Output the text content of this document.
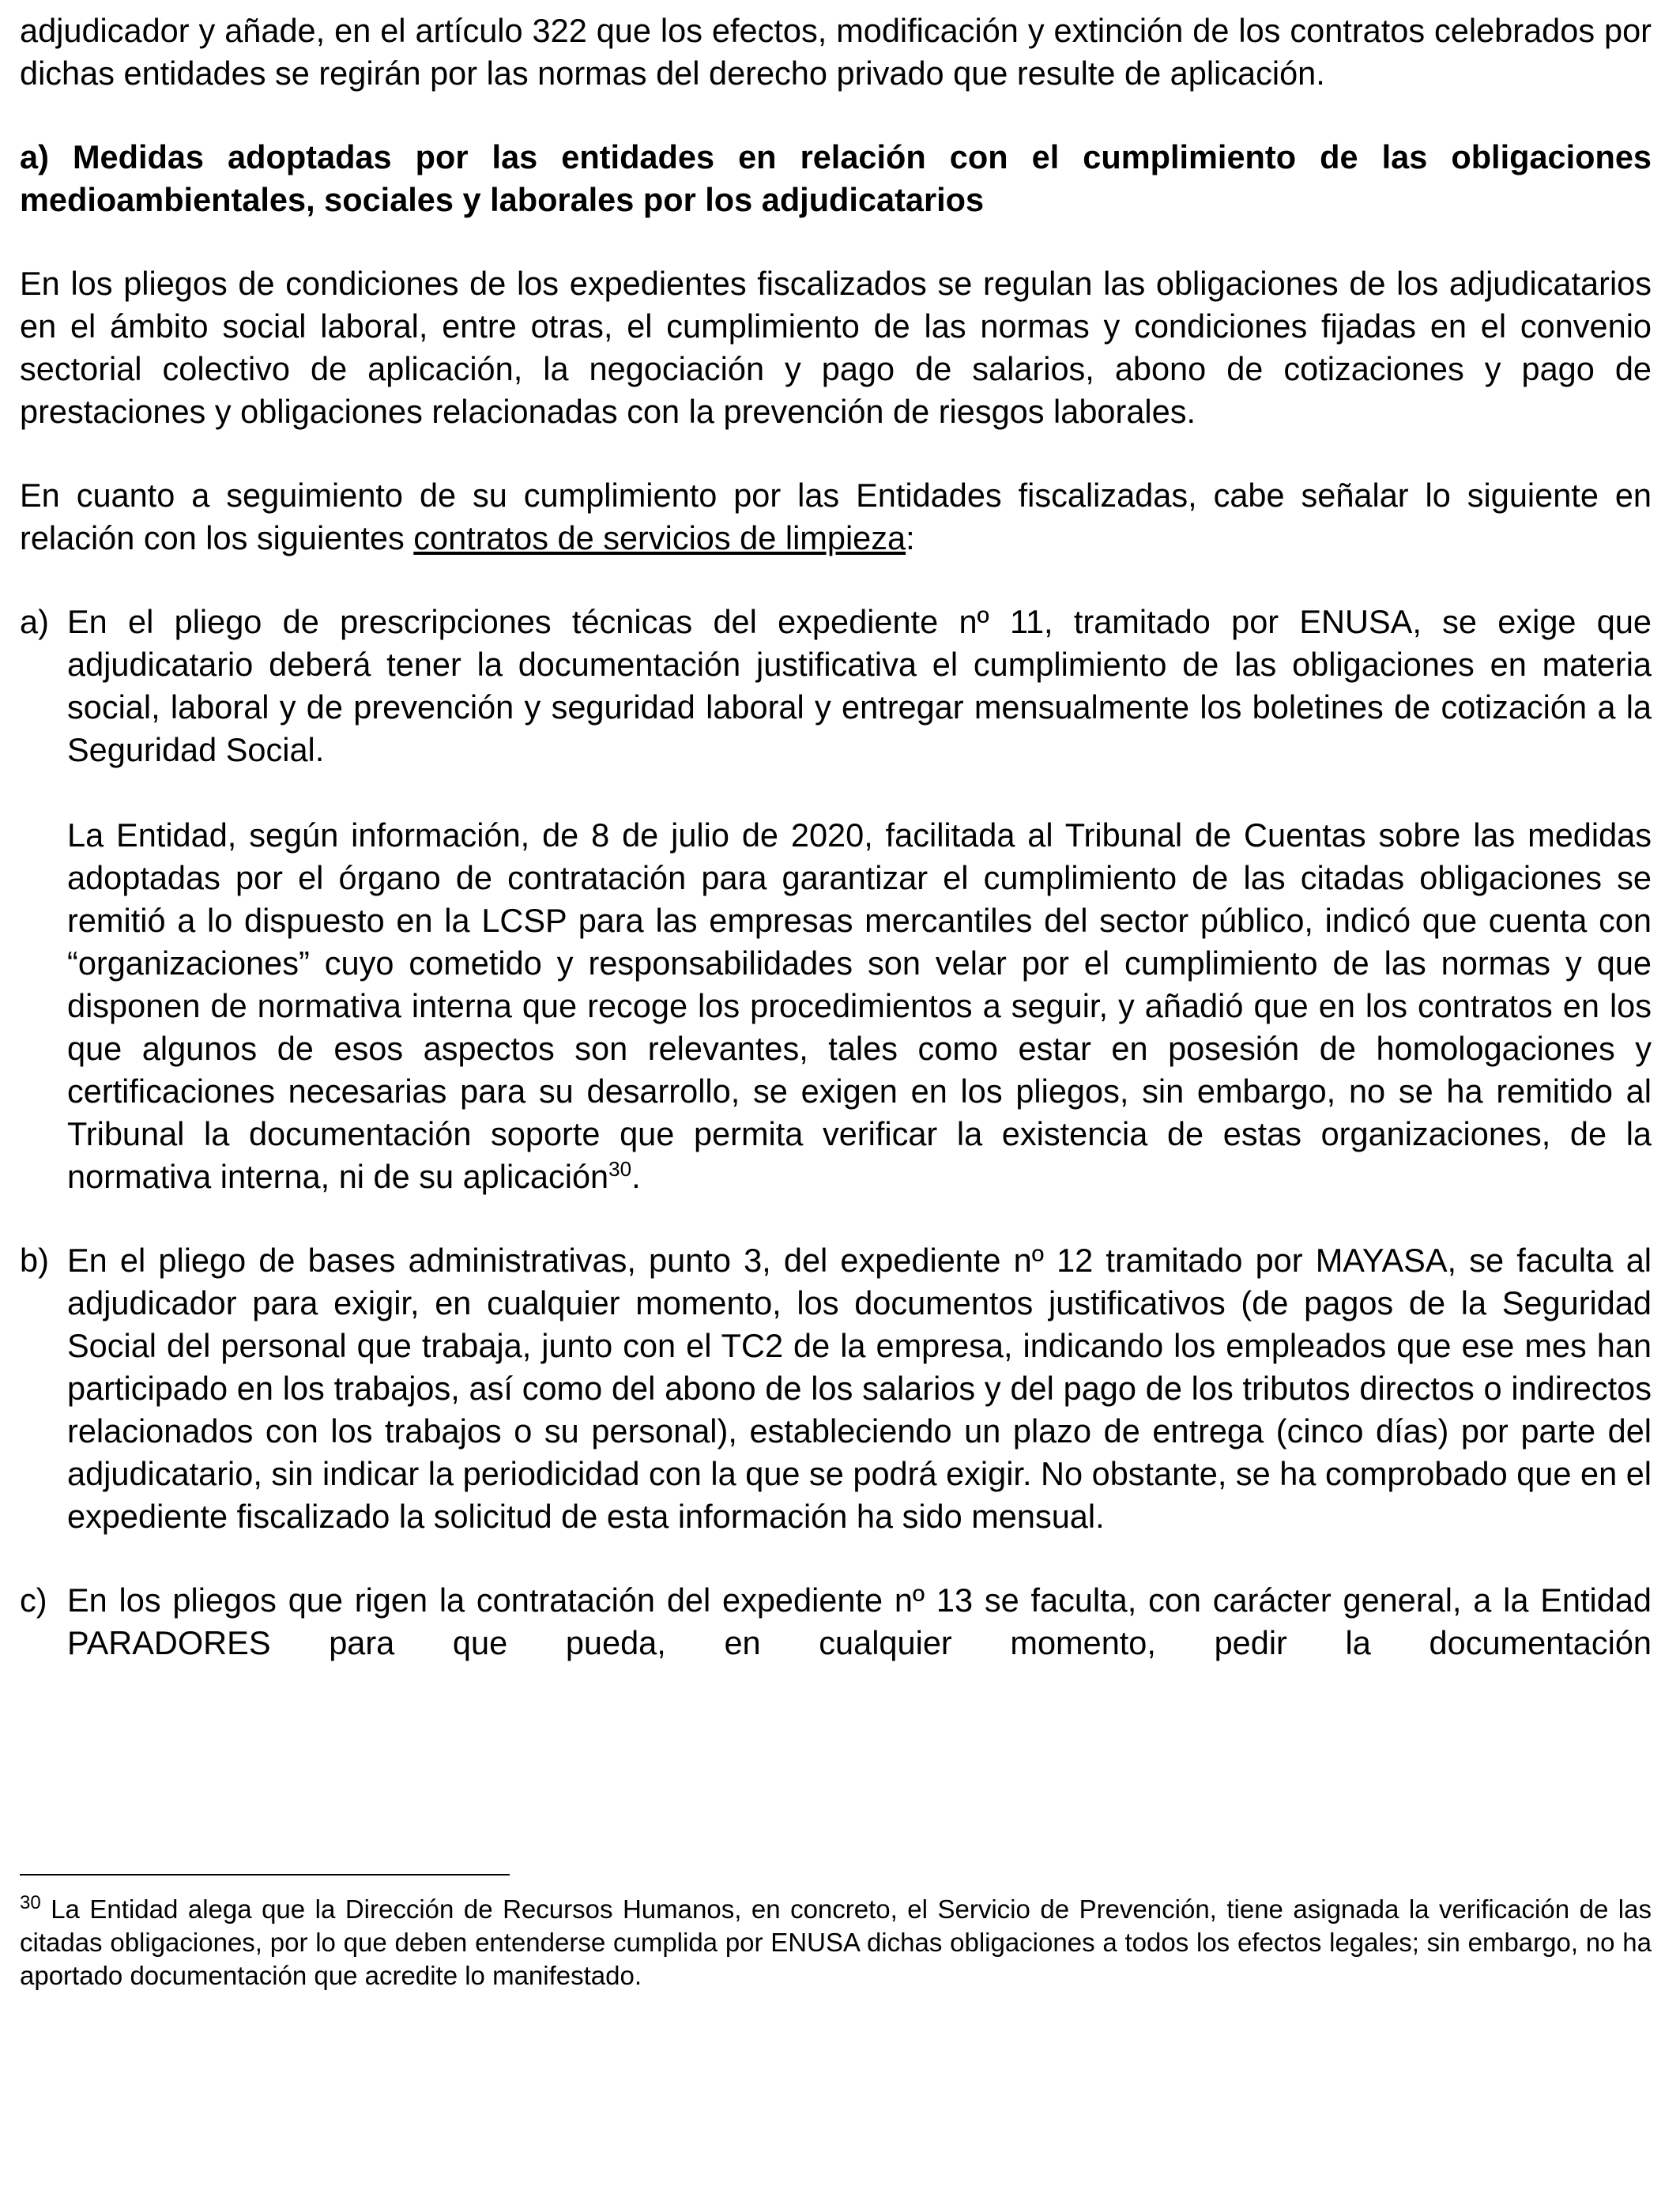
adjudicador y añade, en el artículo 322 que los efectos, modificación y extinción de los contratos celebrados por dichas entidades se regirán por las normas del derecho privado que resulte de aplicación.

a) Medidas adoptadas por las entidades en relación con el cumplimiento de las obligaciones medioambientales, sociales y laborales por los adjudicatarios

En los pliegos de condiciones de los expedientes fiscalizados se regulan las obligaciones de los adjudicatarios en el ámbito social laboral, entre otras, el cumplimiento de las normas y condiciones fijadas en el convenio sectorial colectivo de aplicación, la negociación y pago de salarios, abono de cotizaciones y pago de prestaciones y obligaciones relacionadas con la prevención de riesgos laborales.

En cuanto a seguimiento de su cumplimiento por las Entidades fiscalizadas, cabe señalar lo siguiente en relación con los siguientes contratos de servicios de limpieza:

a) En el pliego de prescripciones técnicas del expediente nº 11, tramitado por ENUSA, se exige que adjudicatario deberá tener la documentación justificativa el cumplimiento de las obligaciones en materia social, laboral y de prevención y seguridad laboral y entregar mensualmente los boletines de cotización a la Seguridad Social.

La Entidad, según información, de 8 de julio de 2020, facilitada al Tribunal de Cuentas sobre las medidas adoptadas por el órgano de contratación para garantizar el cumplimiento de las citadas obligaciones se remitió a lo dispuesto en la LCSP para las empresas mercantiles del sector público, indicó que cuenta con “organizaciones” cuyo cometido y responsabilidades son velar por el cumplimiento de las normas y que disponen de normativa interna que recoge los procedimientos a seguir, y añadió que en los contratos en los que algunos de esos aspectos son relevantes, tales como estar en posesión de homologaciones y certificaciones necesarias para su desarrollo, se exigen en los pliegos, sin embargo, no se ha remitido al Tribunal la documentación soporte que permita verificar la existencia de estas organizaciones, de la normativa interna, ni de su aplicación$^{30}$.

b) En el pliego de bases administrativas, punto 3, del expediente nº 12 tramitado por MAYASA, se faculta al adjudicador para exigir, en cualquier momento, los documentos justificativos (de pagos de la Seguridad Social del personal que trabaja, junto con el TC2 de la empresa, indicando los empleados que ese mes han participado en los trabajos, así como del abono de los salarios y del pago de los tributos directos o indirectos relacionados con los trabajos o su personal), estableciendo un plazo de entrega (cinco días) por parte del adjudicatario, sin indicar la periodicidad con la que se podrá exigir. No obstante, se ha comprobado que en el expediente fiscalizado la solicitud de esta información ha sido mensual.

c) En los pliegos que rigen la contratación del expediente nº 13 se faculta, con carácter general, a la Entidad PARADORES para que pueda, en cualquier momento, pedir la documentación

$^{30}$ La Entidad alega que la Dirección de Recursos Humanos, en concreto, el Servicio de Prevención, tiene asignada la verificación de las citadas obligaciones, por lo que deben entenderse cumplida por ENUSA dichas obligaciones a todos los efectos legales; sin embargo, no ha aportado documentación que acredite lo manifestado.
